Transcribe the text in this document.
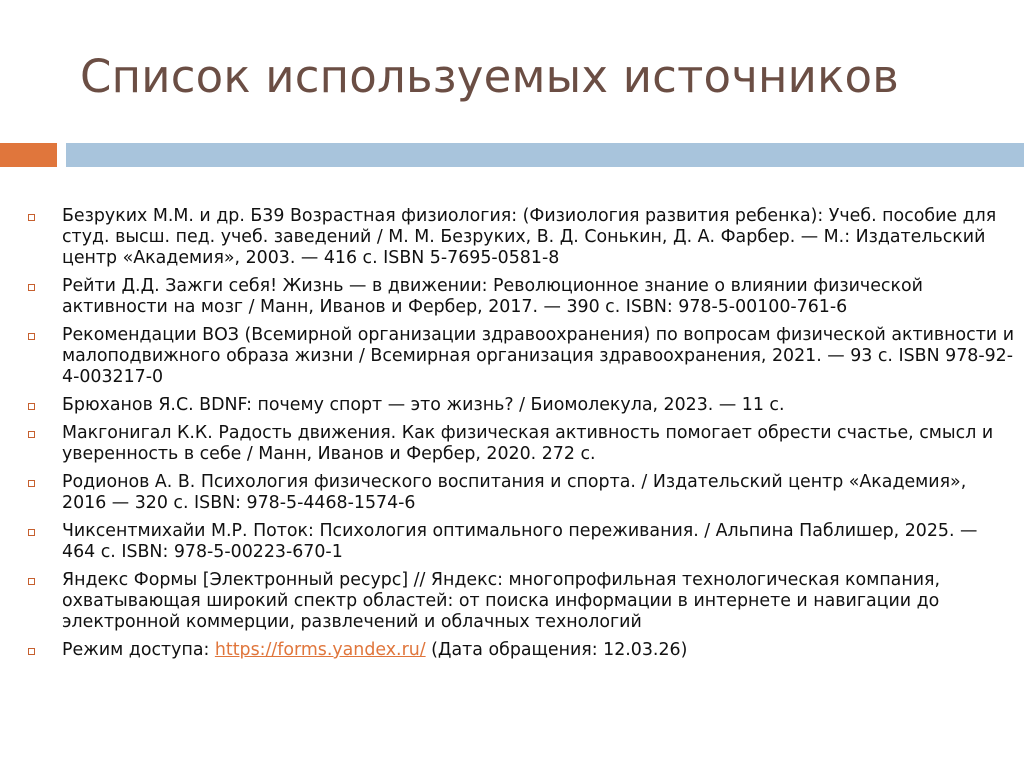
Список используемых источников
Безруких М.М. и др. Б39 Возрастная физиология: (Физиология развития ребенка): Учеб. пособие для студ. высш. пед. учеб. заведений / М. М. Безруких, В. Д. Сонькин, Д. А. Фарбер. — М.: Издательский центр «Академия», 2003. — 416 с. ISBN 5-7695-0581-8
Рейти Д.Д. Зажги себя! Жизнь — в движении: Революционное знание о влиянии физической активности на мозг / Манн, Иванов и Фербер, 2017. — 390 с. ISBN: 978-5-00100-761-6
Рекомендации ВОЗ (Всемирной организации здравоохранения) по вопросам физической активности и малоподвижного образа жизни / Всемирная организация здравоохранения, 2021. — 93 с. ISBN 978-92-4-003217-0
Брюханов Я.С. BDNF: почему спорт — это жизнь? / Биомолекула, 2023. — 11 с.
Макгонигал К.К. Радость движения. Как физическая активность помогает обрести счастье, смысл и уверенность в себе / Манн, Иванов и Фербер, 2020. 272 с.
Родионов А. В. Психология физического воспитания и спорта. / Издательский центр «Академия», 2016 — 320 с. ISBN: 978-5-4468-1574-6
Чиксентмихайи М.Р. Поток: Психология оптимального переживания. / Альпина Паблишер, 2025. — 464 с. ISBN: 978-5-00223-670-1
Яндекс Формы [Электронный ресурс] // Яндекс: многопрофильная технологическая компания, охватывающая широкий спектр областей: от поиска информации в интернете и навигации до электронной коммерции, развлечений и облачных технологий
Режим доступа: https://forms.yandex.ru/ (Дата обращения: 12.03.26)
